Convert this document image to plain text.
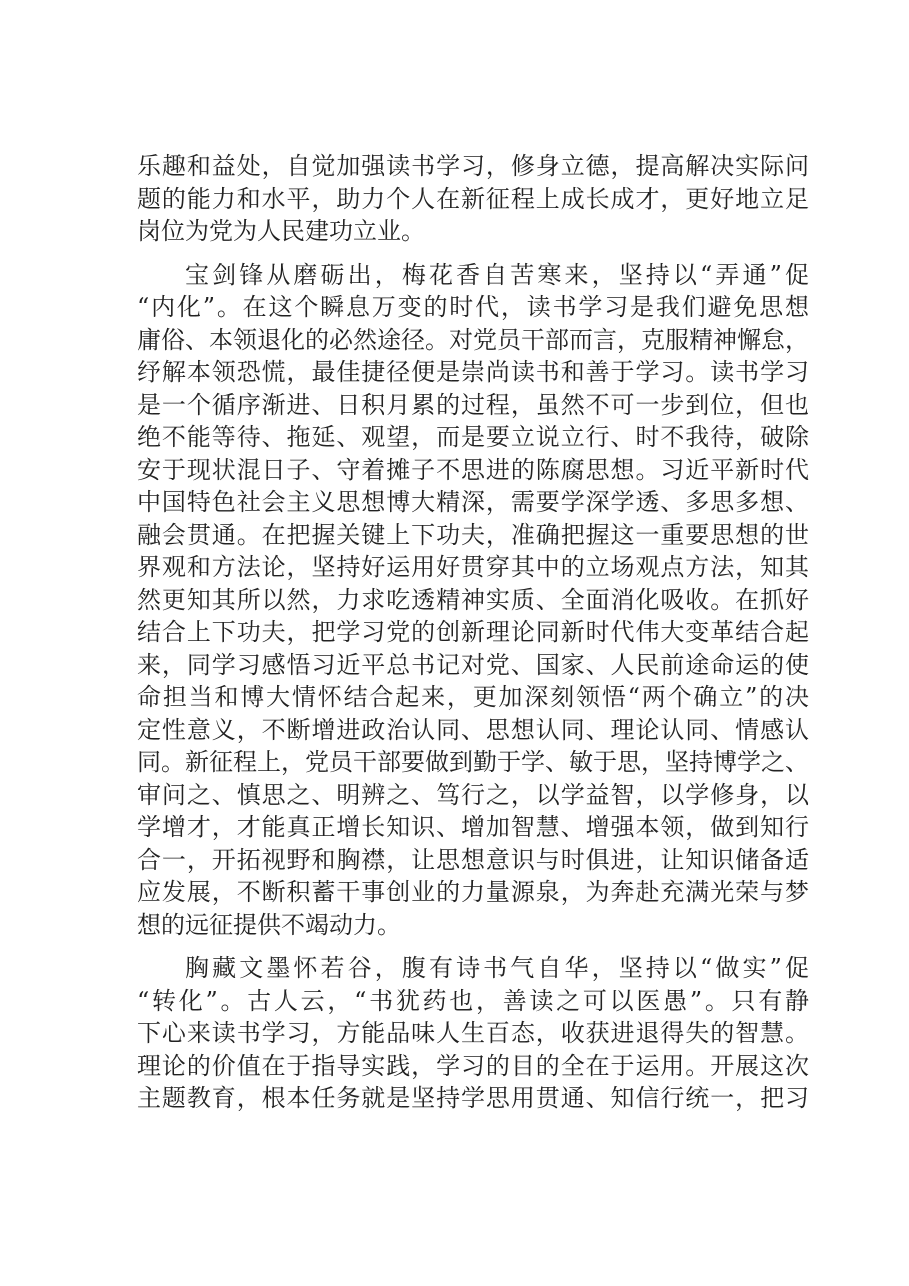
乐趣和益处，自觉加强读书学习，修身立德，提高解决实际问
题的能力和水平，助力个人在新征程上成长成才，更好地立足
岗位为党为人民建功立业。
宝剑锋从磨砺出，梅花香自苦寒来，坚持以“弄通”促
“内化”。在这个瞬息万变的时代，读书学习是我们避免思想
庸俗、本领退化的必然途径。对党员干部而言，克服精神懈怠，
纾解本领恐慌，最佳捷径便是崇尚读书和善于学习。读书学习
是一个循序渐进、日积月累的过程，虽然不可一步到位，但也
绝不能等待、拖延、观望，而是要立说立行、时不我待，破除
安于现状混日子、守着摊子不思进的陈腐思想。习近平新时代
中国特色社会主义思想博大精深，需要学深学透、多思多想、
融会贯通。在把握关键上下功夫，准确把握这一重要思想的世
界观和方法论，坚持好运用好贯穿其中的立场观点方法，知其
然更知其所以然，力求吃透精神实质、全面消化吸收。在抓好
结合上下功夫，把学习党的创新理论同新时代伟大变革结合起
来，同学习感悟习近平总书记对党、国家、人民前途命运的使
命担当和博大情怀结合起来，更加深刻领悟“两个确立”的决
定性意义，不断增进政治认同、思想认同、理论认同、情感认
同。新征程上，党员干部要做到勤于学、敏于思，坚持博学之、
审问之、慎思之、明辨之、笃行之，以学益智，以学修身，以
学增才，才能真正增长知识、增加智慧、增强本领，做到知行
合一，开拓视野和胸襟，让思想意识与时俱进，让知识储备适
应发展，不断积蓄干事创业的力量源泉，为奔赴充满光荣与梦
想的远征提供不竭动力。
胸藏文墨怀若谷，腹有诗书气自华，坚持以“做实”促
“转化”。古人云，“书犹药也，善读之可以医愚”。只有静
下心来读书学习，方能品味人生百态，收获进退得失的智慧。
理论的价值在于指导实践，学习的目的全在于运用。开展这次
主题教育，根本任务就是坚持学思用贯通、知信行统一，把习
